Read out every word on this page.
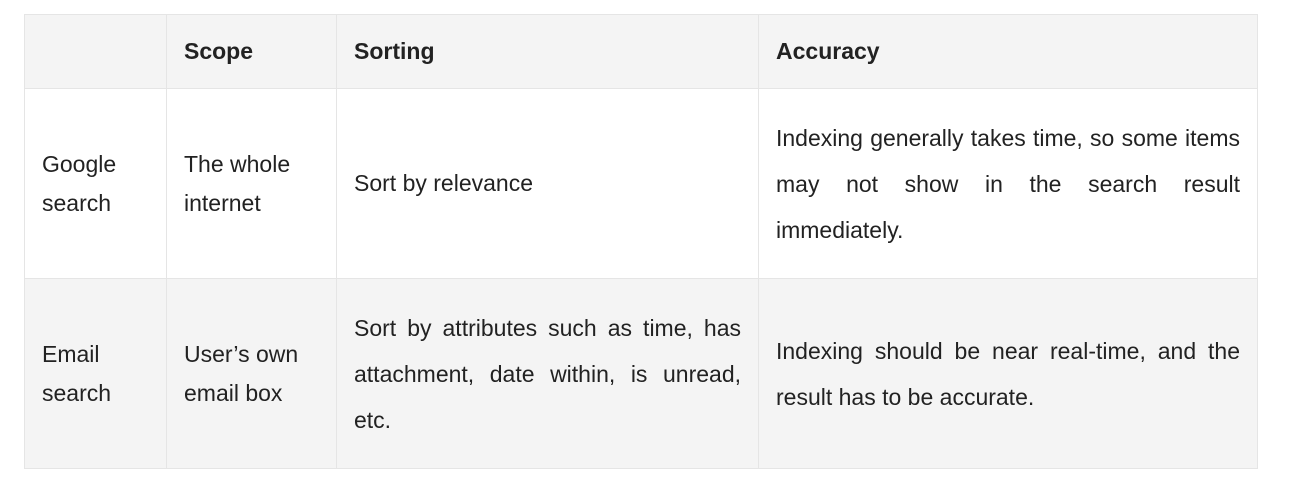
	Scope	Sorting	Accuracy
Google search	The whole internet	Sort by relevance	Indexing generally takes time, so some items may not show in the search result immediately.
Email search	User’s own email box	Sort by attributes such as time, has attachment, date within, is unread, etc.	Indexing should be near real-time, and the result has to be accurate.
